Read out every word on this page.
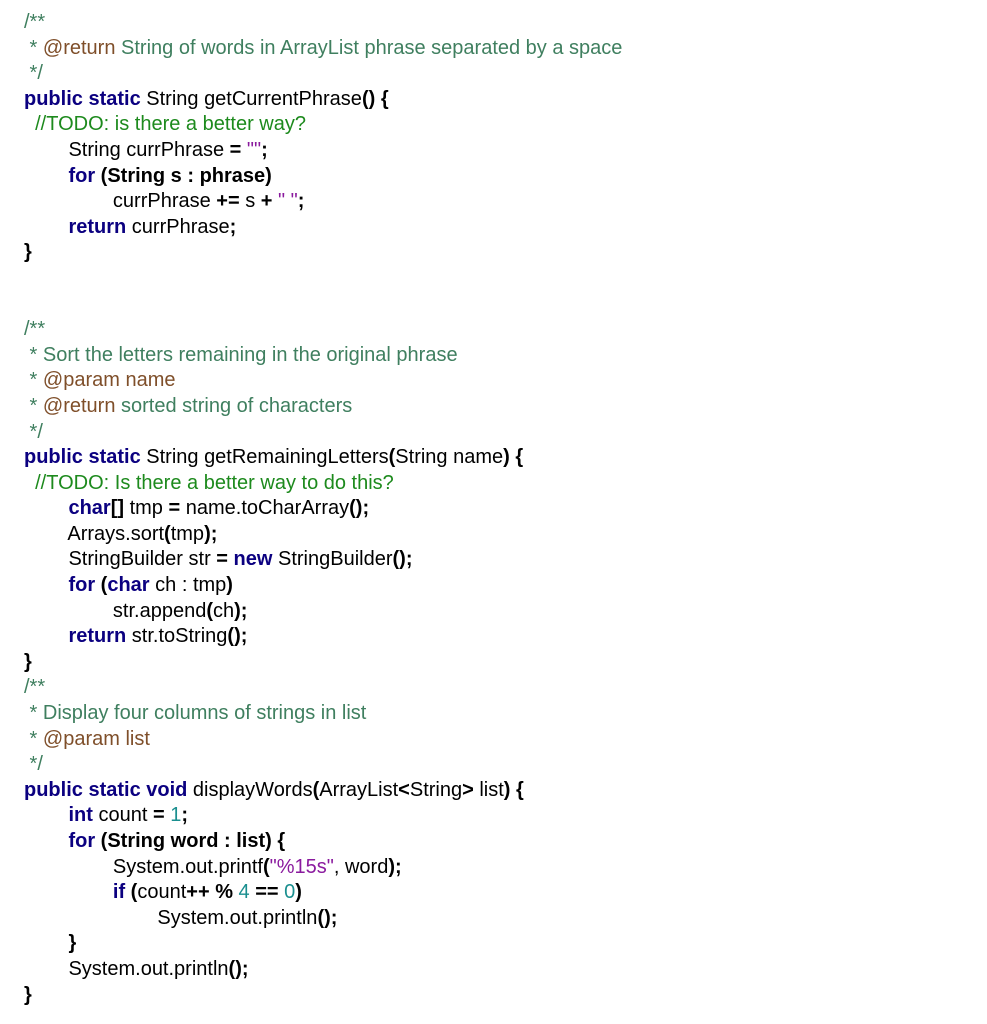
/**
* @return String of words in ArrayList phrase separated by a space
*/
public static String getCurrentPhrase() {
//TODO: is there a better way?
String currPhrase = "";
for (String s : phrase)
currPhrase += s + " ";
return currPhrase;
}
/**
* Sort the letters remaining in the original phrase
* @param name
* @return sorted string of characters
*/
public static String getRemainingLetters(String name) {
//TODO: Is there a better way to do this?
char[] tmp = name.toCharArray();
Arrays.sort(tmp);
StringBuilder str = new StringBuilder();
for (char ch : tmp)
str.append(ch);
return str.toString();
}
/**
* Display four columns of strings in list
* @param list
*/
public static void displayWords(ArrayList<String> list) {
int count = 1;
for (String word : list) {
System.out.printf("%15s", word);
if (count++ % 4 == 0)
System.out.println();
}
System.out.println();
}
